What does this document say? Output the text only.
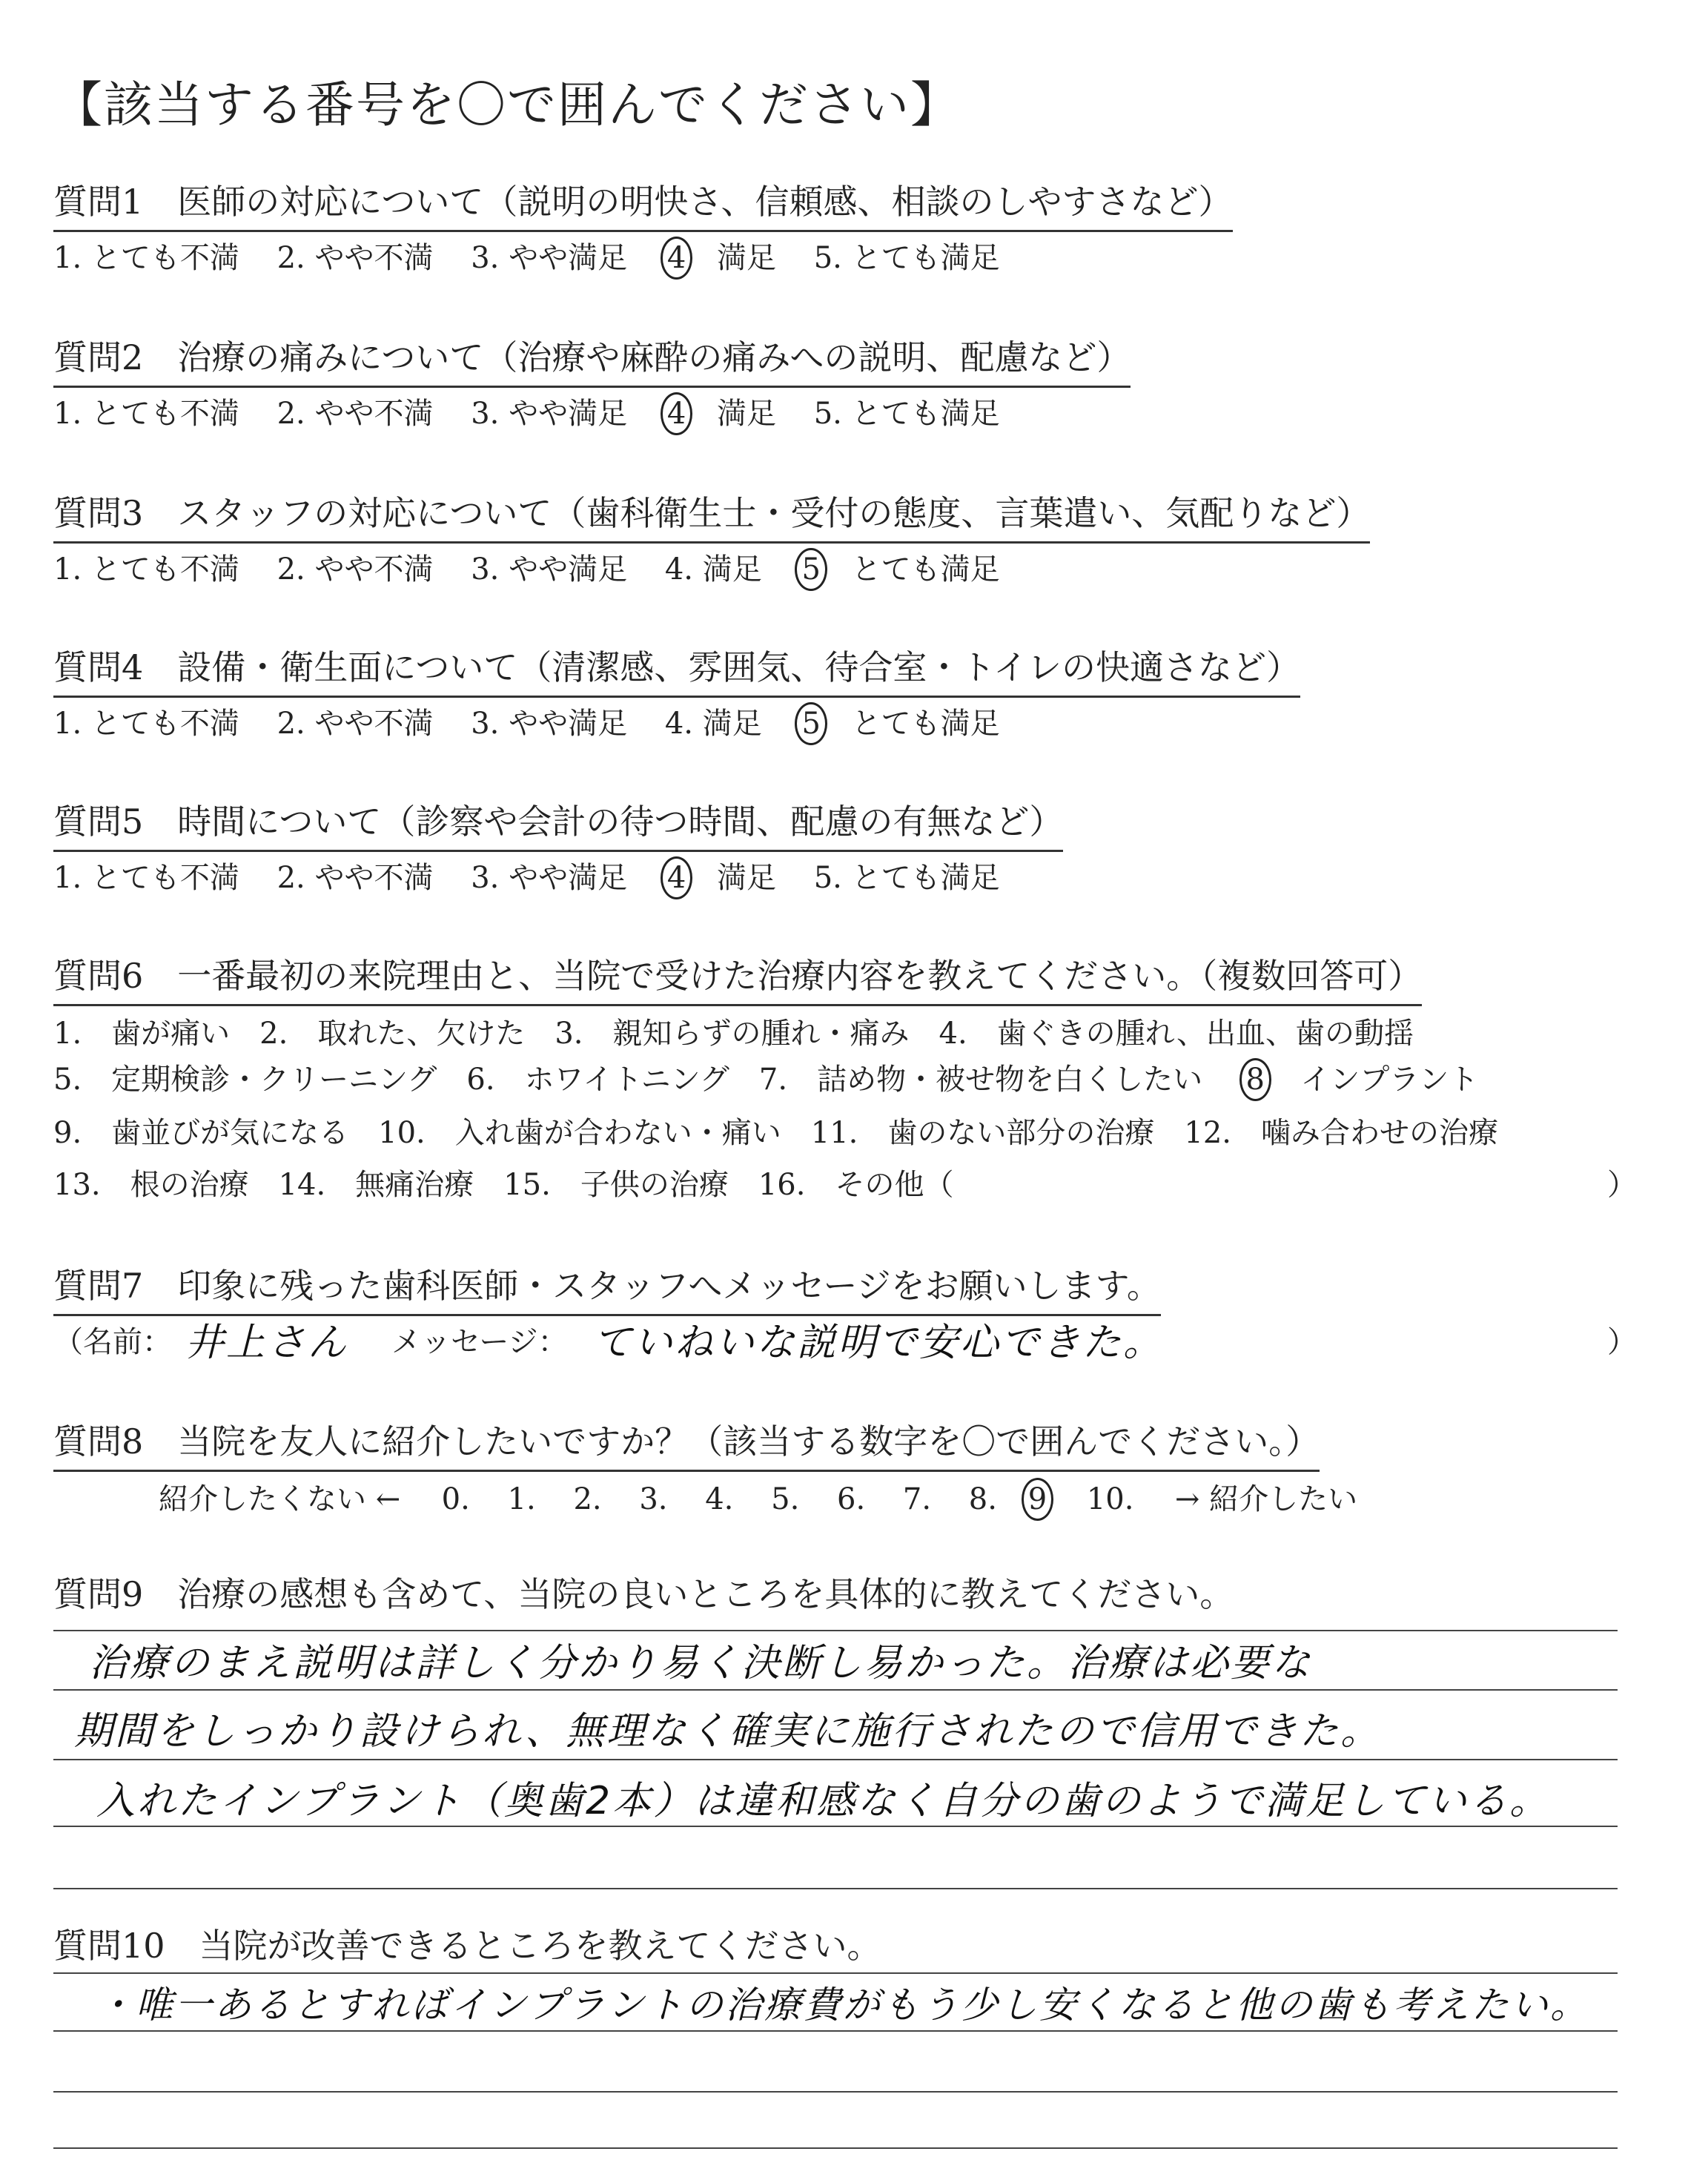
【該当する番号を〇で囲んでください】
質問1　医師の対応について（説明の明快さ、信頼感、相談のしやすさなど）
1. とても不満 2. やや不満 3. やや満足 4 満足 5. とても満足
質問2　治療の痛みについて（治療や麻酔の痛みへの説明、配慮など）
1. とても不満 2. やや不満 3. やや満足 4 満足 5. とても満足
質問3　スタッフの対応について（歯科衛生士・受付の態度、言葉遣い、気配りなど）
1. とても不満 2. やや不満 3. やや満足 4. 満足 5 とても満足
質問4　設備・衛生面について（清潔感、雰囲気、待合室・トイレの快適さなど）
1. とても不満 2. やや不満 3. やや満足 4. 満足 5 とても満足
質問5　時間について（診察や会計の待つ時間、配慮の有無など）
1. とても不満 2. やや不満 3. やや満足 4 満足 5. とても満足
質問6　一番最初の来院理由と、当院で受けた治療内容を教えてください。（複数回答可）
1.　歯が痛い　2.　取れた、欠けた　3.　親知らずの腫れ・痛み　4.　歯ぐきの腫れ、出血、歯の動揺
5.　定期検診・クリーニング　6.　ホワイトニング　7.　詰め物・被せ物を白くしたい 8 インプラント
9.　歯並びが気になる　10.　入れ歯が合わない・痛い　11.　歯のない部分の治療　12.　噛み合わせの治療
13.　根の治療　14.　無痛治療　15.　子供の治療　16.　その他（	）
質問7　印象に残った歯科医師・スタッフへメッセージをお願いします。
（名前： 井上さん メッセージ： ていねいな説明で安心できた。	）
質問8　当院を友人に紹介したいですか？（該当する数字を〇で囲んでください。）
紹介したくない ← 0. 1. 2. 3. 4. 5. 6. 7. 8. 9 10. → 紹介したい
質問9　治療の感想も含めて、当院の良いところを具体的に教えてください。
治療のまえ説明は詳しく分かり易く決断し易かった。治療は必要な
期間をしっかり設けられ、無理なく確実に施行されたので信用できた。
入れたインプラント（奥歯2本）は違和感なく自分の歯のようで満足している。
質問10　当院が改善できるところを教えてください。
・唯一あるとすればインプラントの治療費がもう少し安くなると他の歯も考えたい。
